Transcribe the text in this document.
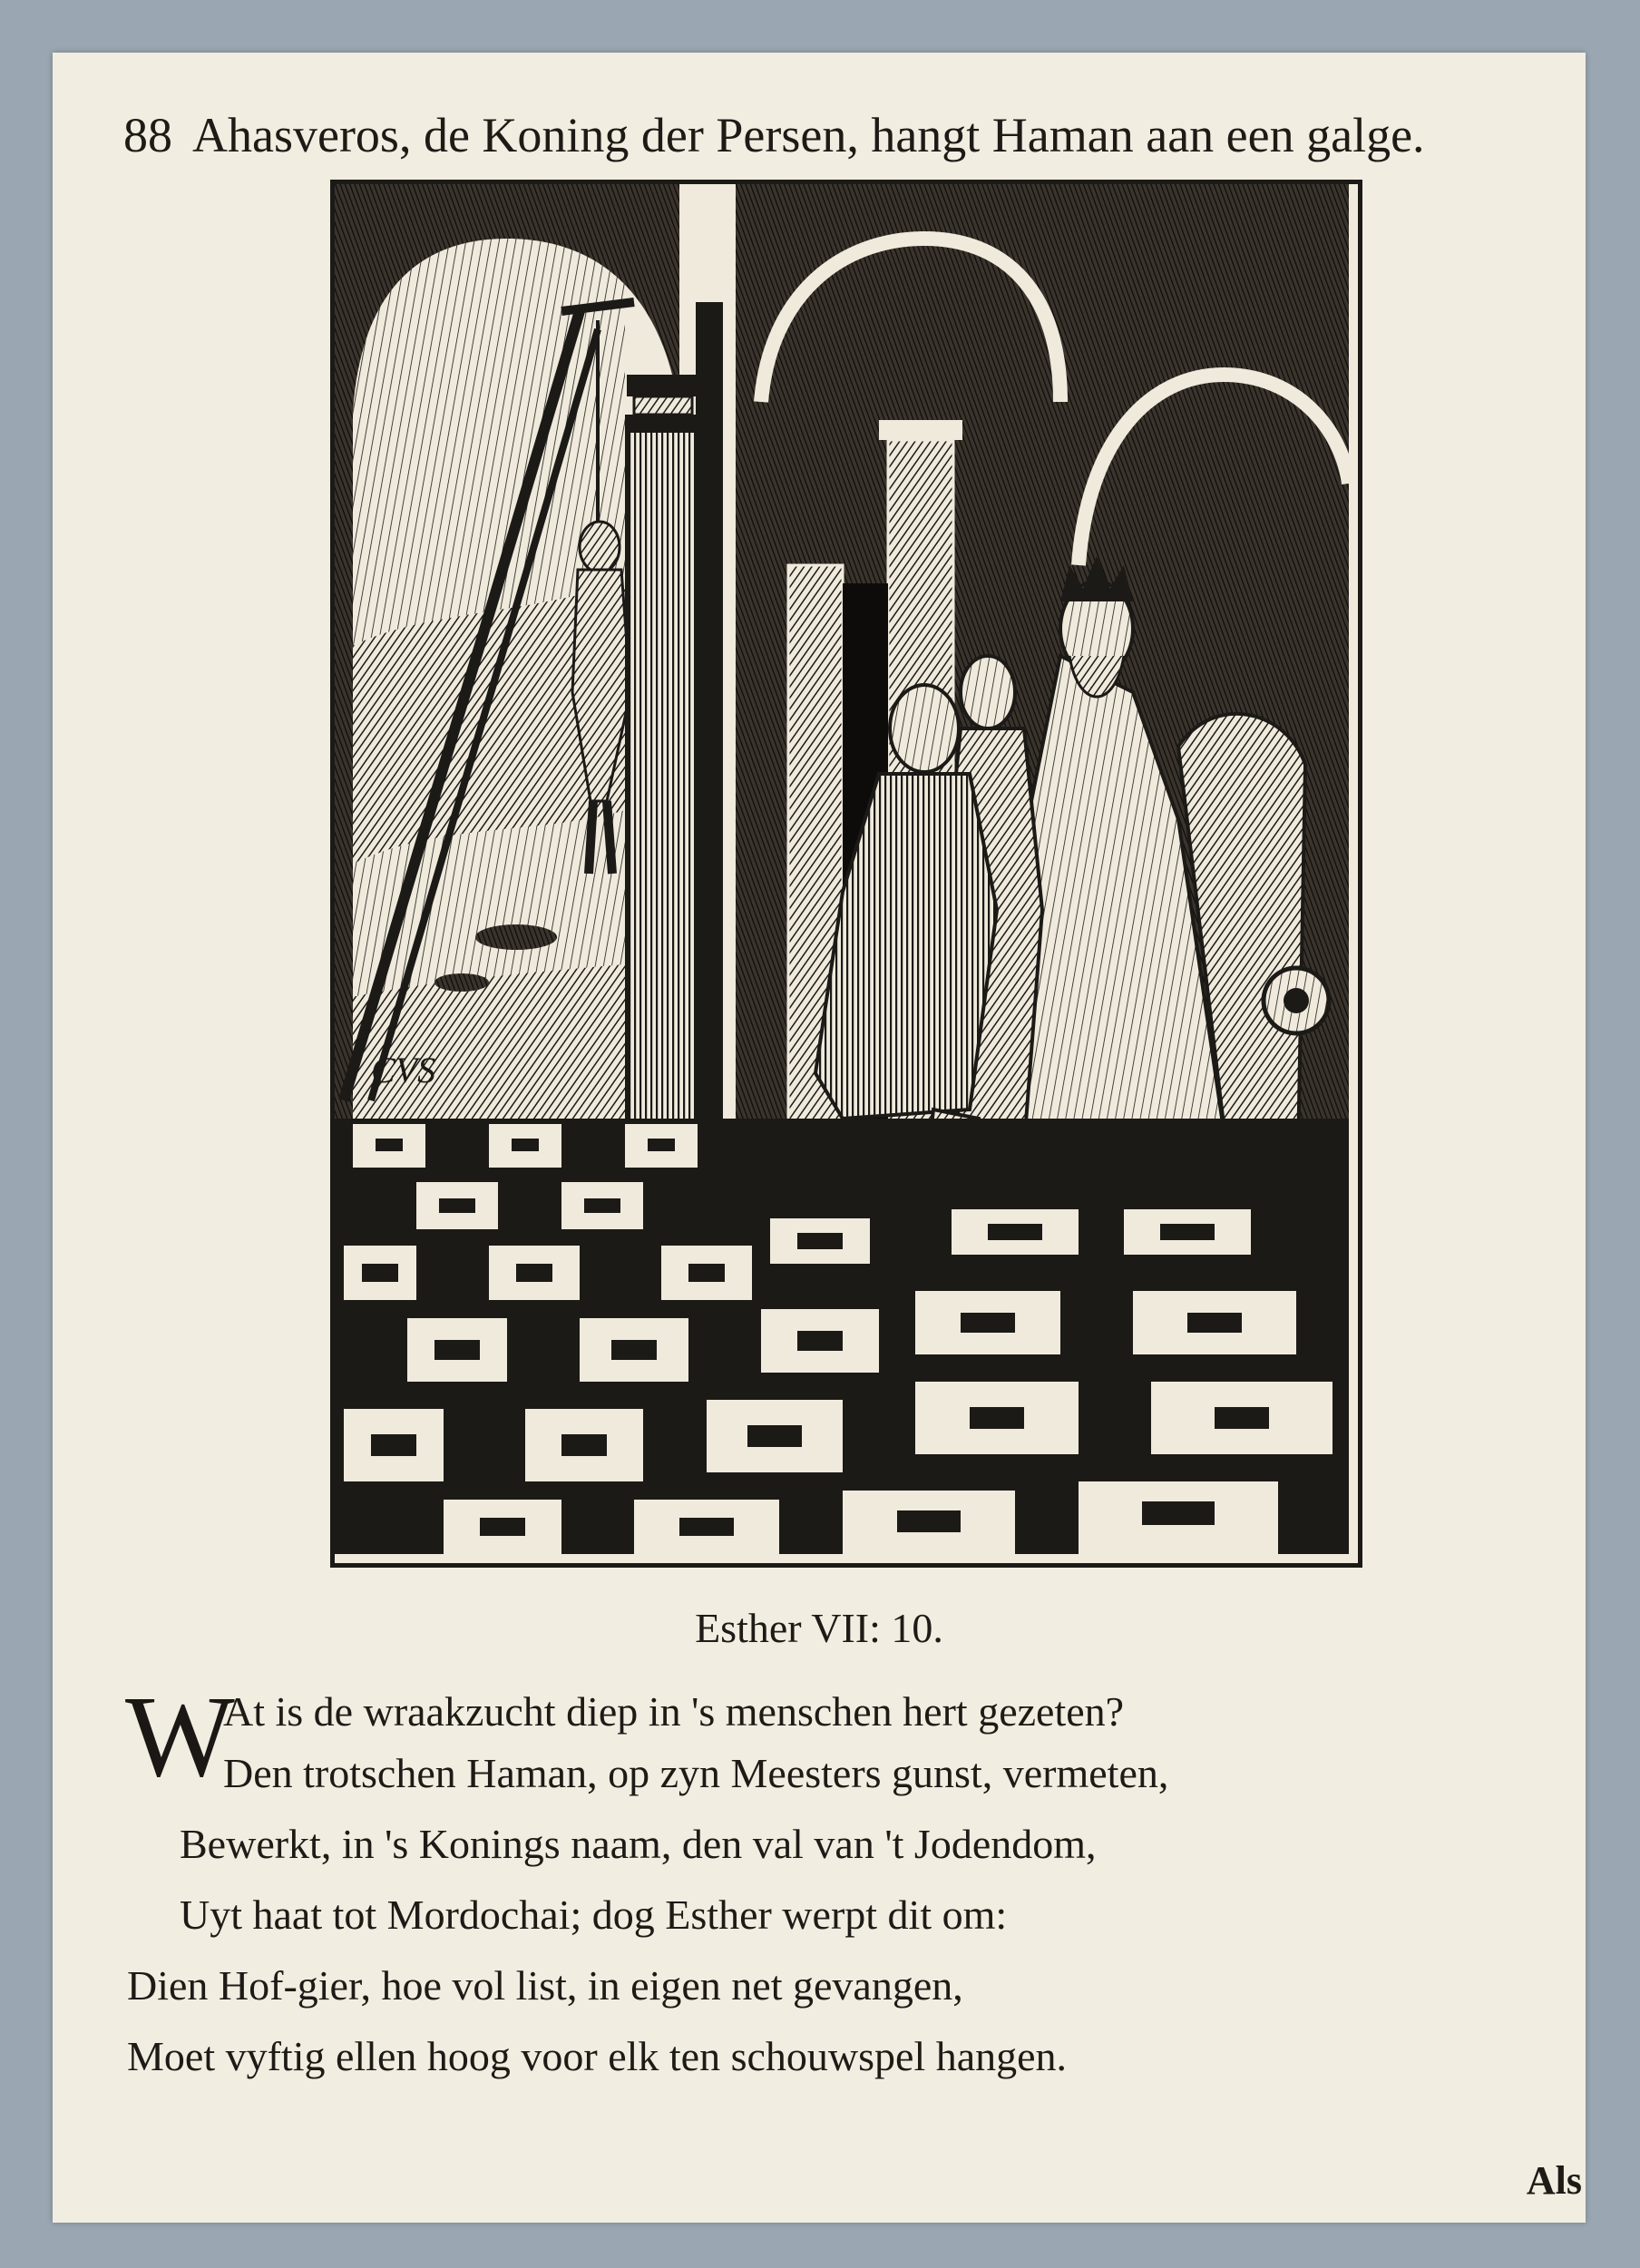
88 Ahasveros, de Koning der Persen, hangt Haman aan een galge.
CVS
Esther VII: 10.
W
At is de wraakzucht diep in 's menschen hert gezeten?
Den trotschen Haman, op zyn Meesters gunst, vermeten,
Bewerkt, in 's Konings naam, den val van 't Jodendom,
Uyt haat tot Mordochai; dog Esther werpt dit om:
Dien Hof-gier, hoe vol list, in eigen net gevangen,
Moet vyftig ellen hoog voor elk ten schouwspel hangen.
Als
